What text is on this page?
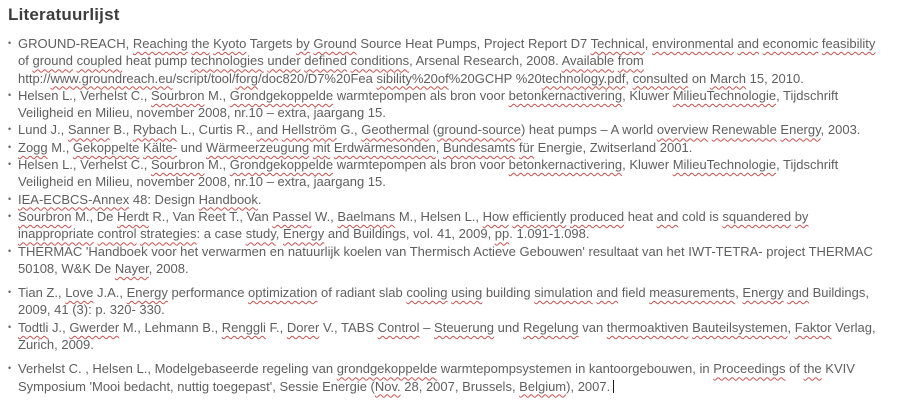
Literatuurlijst
• GROUND-REACH, Reaching the Kyoto Targets by Ground Source Heat Pumps, Project Report D7 Technical, environmental and economic feasibility of ground coupled heat pump technologies under defined conditions, Arsenal Research, 2008. Available from http://www.groundreach.eu/script/tool/forg/doc820/D7%20Fea sibility%20of%20GCHP %20technology.pdf, consulted on March 15, 2010.
• Helsen L., Verhelst C., Sourbron M., Grondgekoppelde warmtepompen als bron voor betonkernactivering, Kluwer MilieuTechnologie, Tijdschrift Veiligheid en Milieu, november 2008, nr.10 – extra, jaargang 15.
• Lund J., Sanner B., Rybach L., Curtis R., and Hellström G., Geothermal (ground-source) heat pumps – A world overview Renewable Energy, 2003.
• Zogg M., Gekoppelte Kälte- und Wärmeerzeugung mit Erdwärmesonden, Bundesamts für Energie, Zwitserland 2001.
• Helsen L., Verhelst C., Sourbron M., Grondgekoppelde warmtepompen als bron voor betonkernactivering, Kluwer MilieuTechnologie, Tijdschrift Veiligheid en Milieu, november 2008, nr.10 – extra, jaargang 15.
• IEA-ECBCS-Annex 48: Design Handbook.
• Sourbron M., De Herdt R., Van Reet T., Van Passel W., Baelmans M., Helsen L., How efficiently produced heat and cold is squandered by inappropriate control strategies: a case study, Energy and Buildings, vol. 41, 2009, pp. 1.091-1.098.
• THERMAC 'Handboek voor het verwarmen en natuurlijk koelen van Thermisch Actieve Gebouwen' resultaat van het IWT-TETRA- project THERMAC 50108, W&K De Nayer, 2008.
• Tian Z., Love J.A., Energy performance optimization of radiant slab cooling using building simulation and field measurements, Energy and Buildings, 2009, 41 (3): p. 320- 330.
• Todtli J., Gwerder M., Lehmann B., Renggli F., Dorer V., TABS Control – Steuerung und Regelung van thermoaktiven Bauteilsystemen, Faktor Verlag, Zurich, 2009.
• Verhelst C. , Helsen L., Modelgebaseerde regeling van grondgekoppelde warmtepompsystemen in kantoorgebouwen, in Proceedings of the KVIV Symposium 'Mooi bedacht, nuttig toegepast', Sessie Energie (Nov. 28, 2007, Brussels, Belgium), 2007.
